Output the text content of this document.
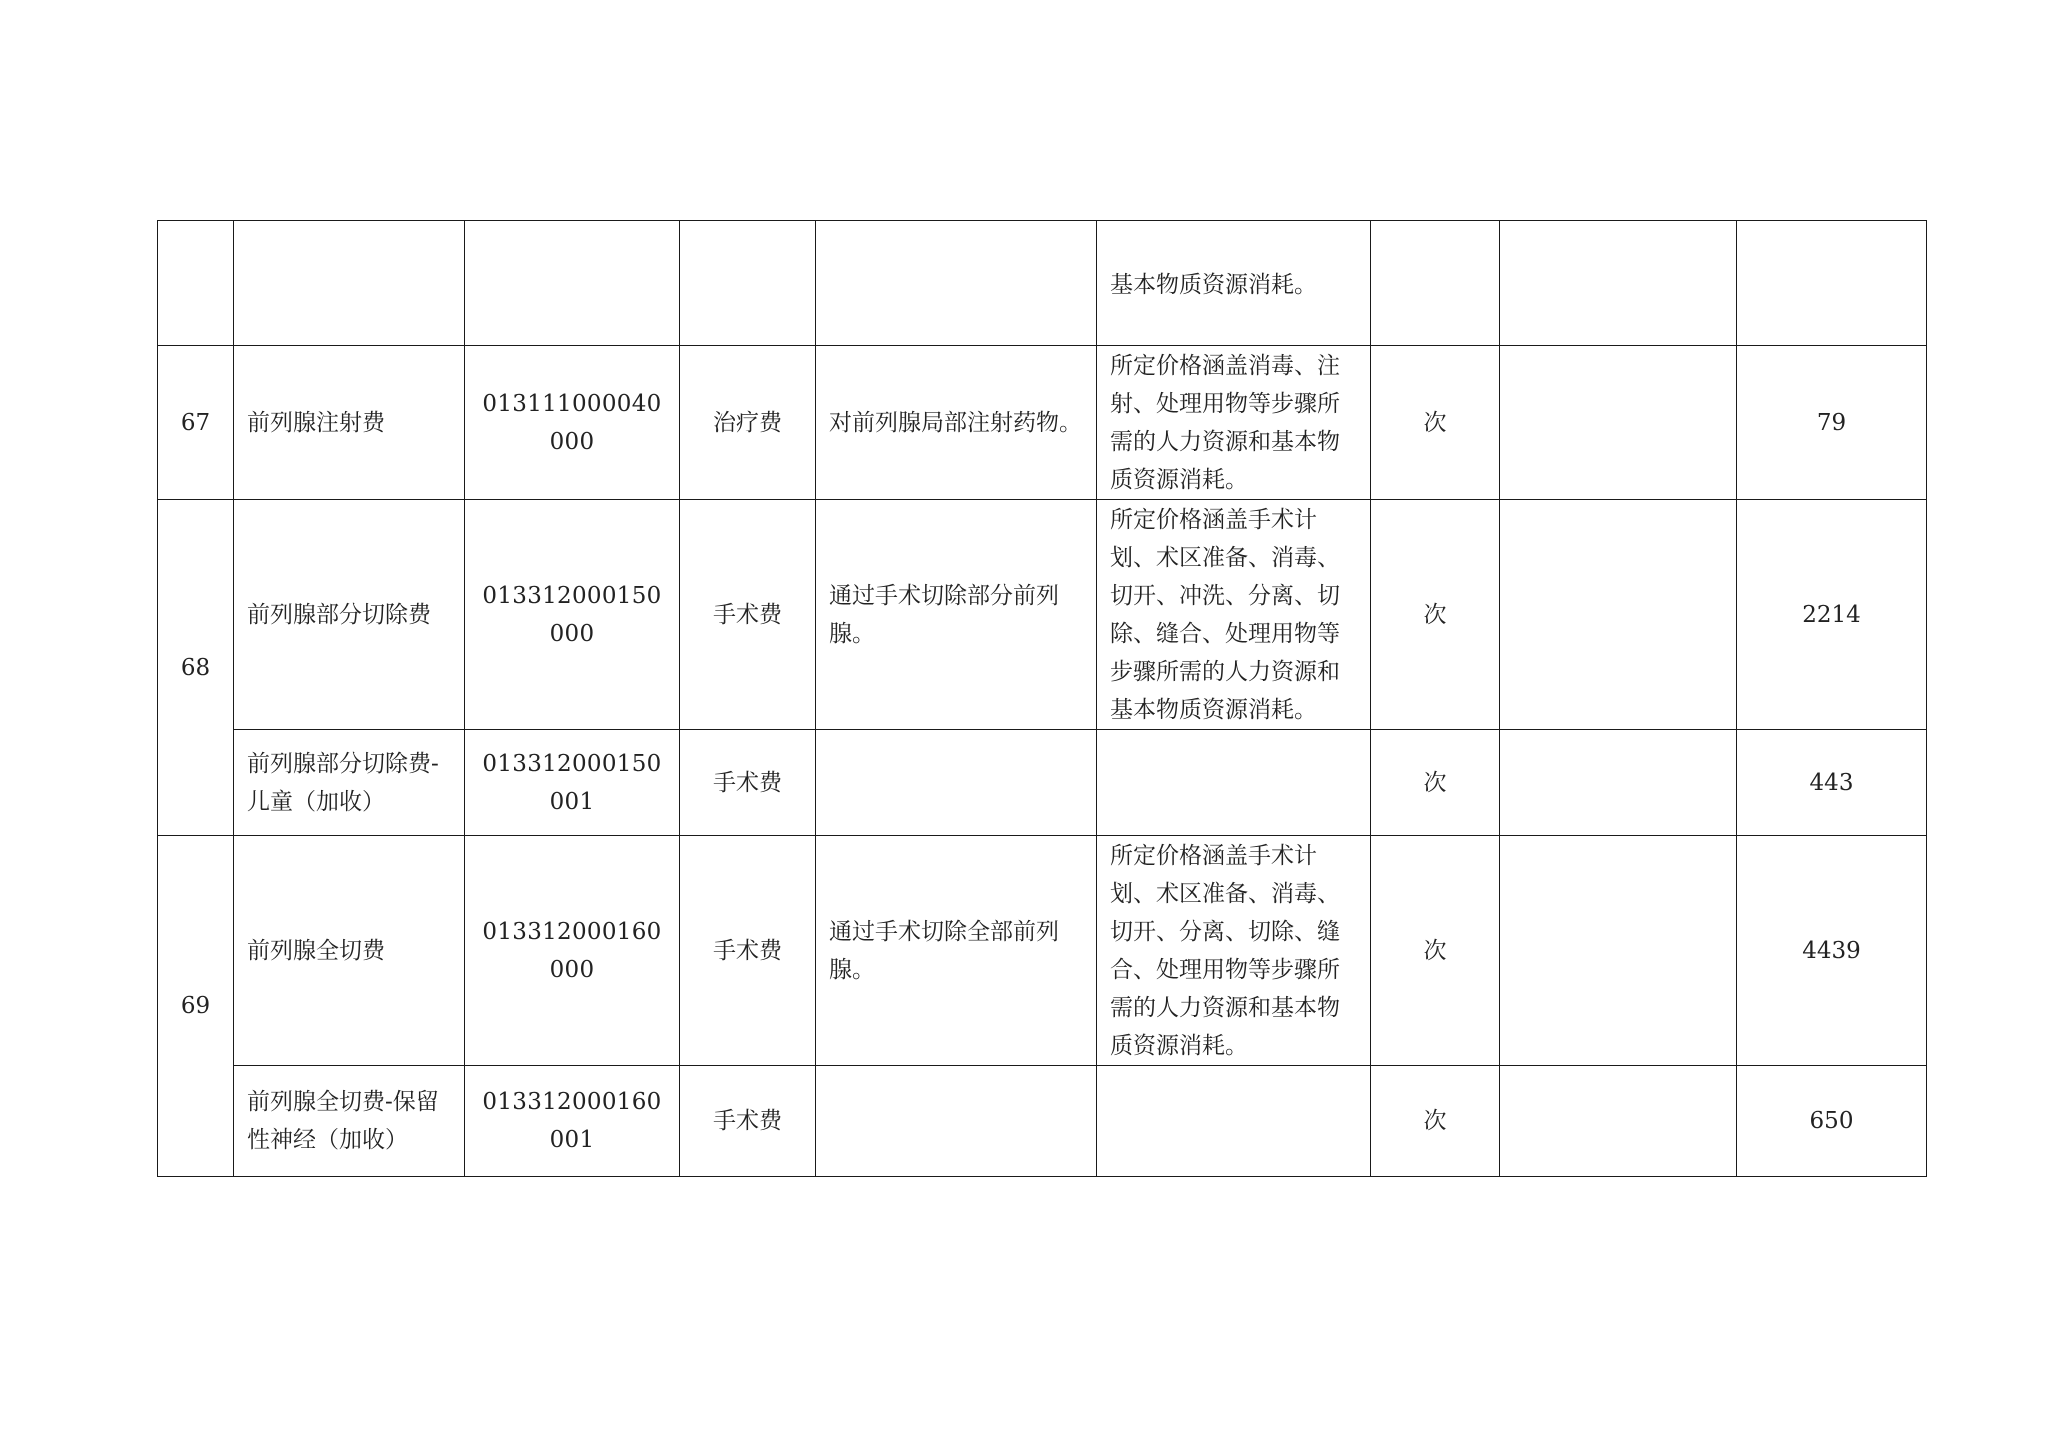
					基本物质资源消耗。			
67	前列腺注射费	013111000040000	治疗费	对前列腺局部注射药物。	所定价格涵盖消毒、注射、处理用物等步骤所需的人力资源和基本物质资源消耗。	次		79
68	前列腺部分切除费	013312000150000	手术费	通过手术切除部分前列腺。	所定价格涵盖手术计划、术区准备、消毒、切开、冲洗、分离、切除、缝合、处理用物等步骤所需的人力资源和基本物质资源消耗。	次		2214
	前列腺部分切除费-儿童（加收）	013312000150001	手术费			次		443
69	前列腺全切费	013312000160000	手术费	通过手术切除全部前列腺。	所定价格涵盖手术计划、术区准备、消毒、切开、分离、切除、缝合、处理用物等步骤所需的人力资源和基本物质资源消耗。	次		4439
	前列腺全切费-保留性神经（加收）	013312000160001	手术费			次		650
